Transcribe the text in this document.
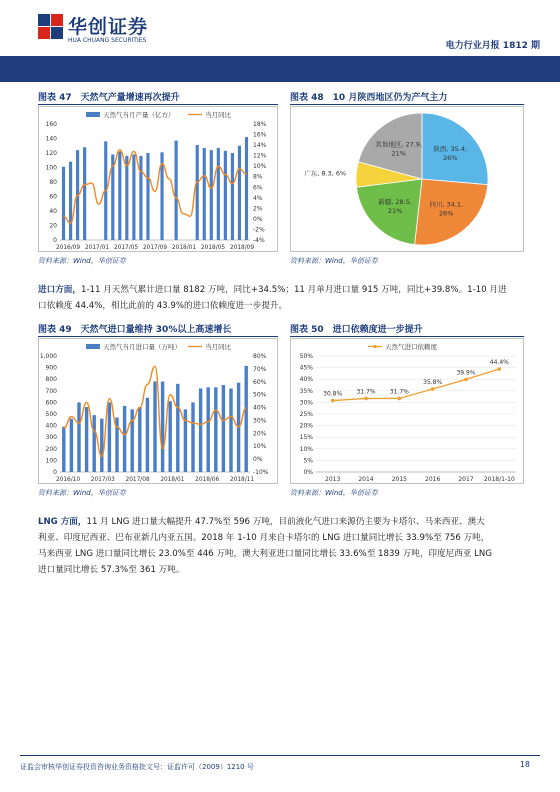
华创证券
HUA CHUANG SECURITIES
电力行业月报 1812 期
图表 47　天然气产量增速再次提升
天然气当月产量（亿方）	当月同比
0
20
40
60
80
100
120
140
160
-4%
-2%
0%
2%
4%
6%
8%
10%
12%
14%
16%
18%
2016/09 2017/01 2017/05 2017/09 2018/01 2018/05 2018/09
资料来源：Wind，华创证券
图表 48　10 月陕西地区仍为产气主力
陕西, 35.4,
26%
四川, 34.1,
26%
新疆, 28.5,
21%
广东, 8.3, 6%
其他地区, 27.9,
21%
资料来源：Wind，华创证券
进口方面，1-11 月天然气累计进口量 8182 万吨，同比+34.5%；11 月单月进口量 915 万吨，同比+39.8%。1-10 月进
口依赖度 44.4%，相比此前的 43.9%的进口依赖度进一步提升。
图表 49　天然气进口量维持 30%以上高速增长
天然气当月进口量（万吨）	当月同比
0
100
200
300
400
500
600
700
800
900
1,000
-10%
0%
10%
20%
30%
40%
50%
60%
70%
80%
2016/10 2017/03 2017/08 2018/01 2018/06 2018/11
资料来源：Wind，华创证券
图表 50　进口依赖度进一步提升
天然气进口依赖度
0%
5%
10%
15%
20%
25%
30%
35%
40%
45%
50%
30.8%
2013
31.7%
2014
31.7%
2015
35.8%
2016
39.9%
2017
44.4%
2018/1-10
资料来源：Wind，华创证券
LNG 方面，11 月 LNG 进口量大幅提升 47.7%至 596 万吨，目前液化气进口来源仍主要为卡塔尔、马来西亚、澳大
利亚、印度尼西亚、巴布亚新几内亚五国。2018 年 1-10 月来自卡塔尔的 LNG 进口量同比增长 33.9%至 756 万吨，
马来西亚 LNG 进口量同比增长 23.0%至 446 万吨，澳大利亚进口量同比增长 33.6%至 1839 万吨，印度尼西亚 LNG
进口量同比增长 57.3%至 361 万吨。
证监会审核华创证券投资咨询业务资格批文号：证监许可（2009）1210 号	18
